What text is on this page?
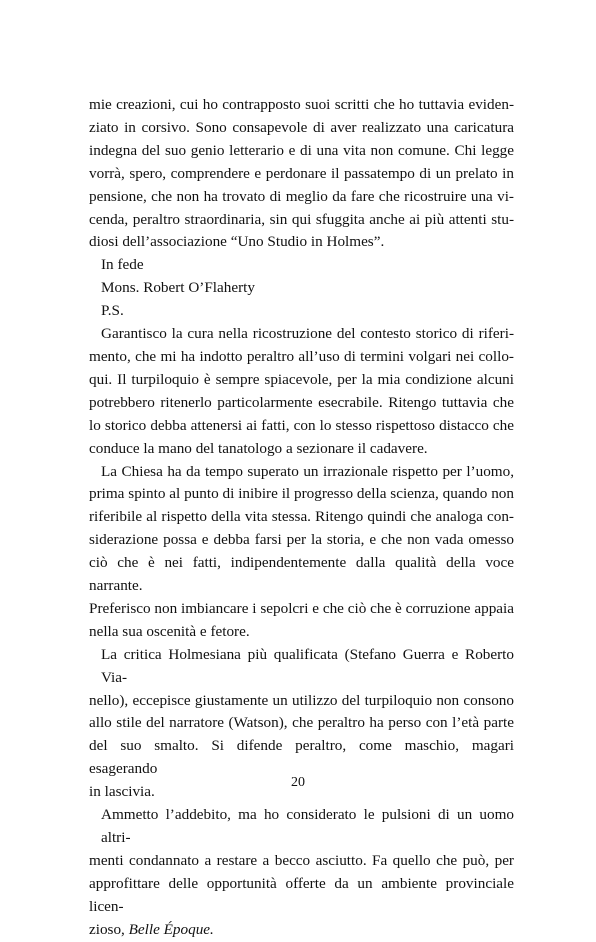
mie creazioni, cui ho contrapposto suoi scritti che ho tuttavia eviden-
ziato in corsivo. Sono consapevole di aver realizzato una caricatura
indegna del suo genio letterario e di una vita non comune. Chi legge
vorrà, spero, comprendere e perdonare il passatempo di un prelato in
pensione, che non ha trovato di meglio da fare che ricostruire una vi-
cenda, peraltro straordinaria, sin qui sfuggita anche ai più attenti stu-
diosi dell’associazione “Uno Studio in Holmes”.
In fede
Mons. Robert O’Flaherty
P.S.
Garantisco la cura nella ricostruzione del contesto storico di riferi-
mento, che mi ha indotto peraltro all’uso di termini volgari nei collo-
qui. Il turpiloquio è sempre spiacevole, per la mia condizione alcuni
potrebbero ritenerlo particolarmente esecrabile. Ritengo tuttavia che
lo storico debba attenersi ai fatti, con lo stesso rispettoso distacco che
conduce la mano del tanatologo a sezionare il cadavere.
La Chiesa ha da tempo superato un irrazionale rispetto per l’uomo,
prima spinto al punto di inibire il progresso della scienza, quando non
riferibile al rispetto della vita stessa. Ritengo quindi che analoga con-
siderazione possa e debba farsi per la storia, e che non vada omesso
ciò che è nei fatti, indipendentemente dalla qualità della voce narrante.
Preferisco non imbiancare i sepolcri e che ciò che è corruzione appaia
nella sua oscenità e fetore.
La critica Holmesiana più qualificata (Stefano Guerra e Roberto Via-
nello), eccepisce giustamente un utilizzo del turpiloquio non consono
allo stile del narratore (Watson), che peraltro ha perso con l’età parte
del suo smalto. Si difende peraltro, come maschio, magari esagerando
in lascivia.
Ammetto l’addebito, ma ho considerato le pulsioni di un uomo altri-
menti condannato a restare a becco asciutto. Fa quello che può, per
approfittare delle opportunità offerte da un ambiente provinciale licen-
zioso, Belle Époque.
20
